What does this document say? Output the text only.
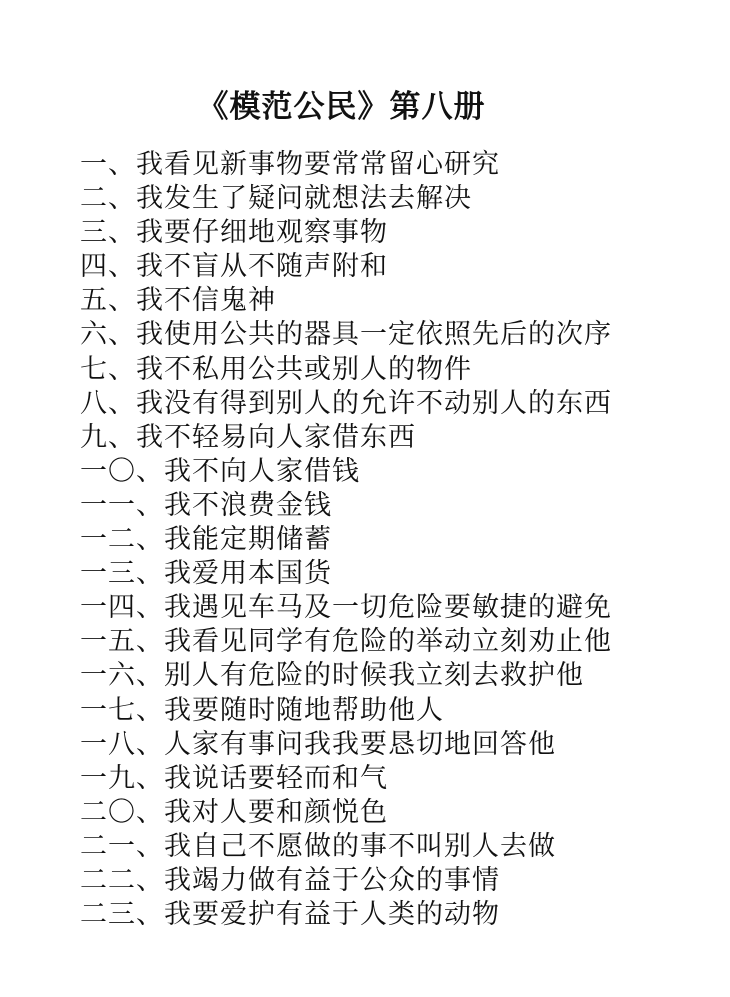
《模范公民》第八册
一、我看见新事物要常常留心研究
二、我发生了疑问就想法去解决
三、我要仔细地观察事物
四、我不盲从不随声附和
五、我不信鬼神
六、我使用公共的器具一定依照先后的次序
七、我不私用公共或别人的物件
八、我没有得到别人的允许不动别人的东西
九、我不轻易向人家借东西
一〇、我不向人家借钱
一一、我不浪费金钱
一二、我能定期储蓄
一三、我爱用本国货
一四、我遇见车马及一切危险要敏捷的避免
一五、我看见同学有危险的举动立刻劝止他
一六、别人有危险的时候我立刻去救护他
一七、我要随时随地帮助他人
一八、人家有事问我我要恳切地回答他
一九、我说话要轻而和气
二〇、我对人要和颜悦色
二一、我自己不愿做的事不叫别人去做
二二、我竭力做有益于公众的事情
二三、我要爱护有益于人类的动物
